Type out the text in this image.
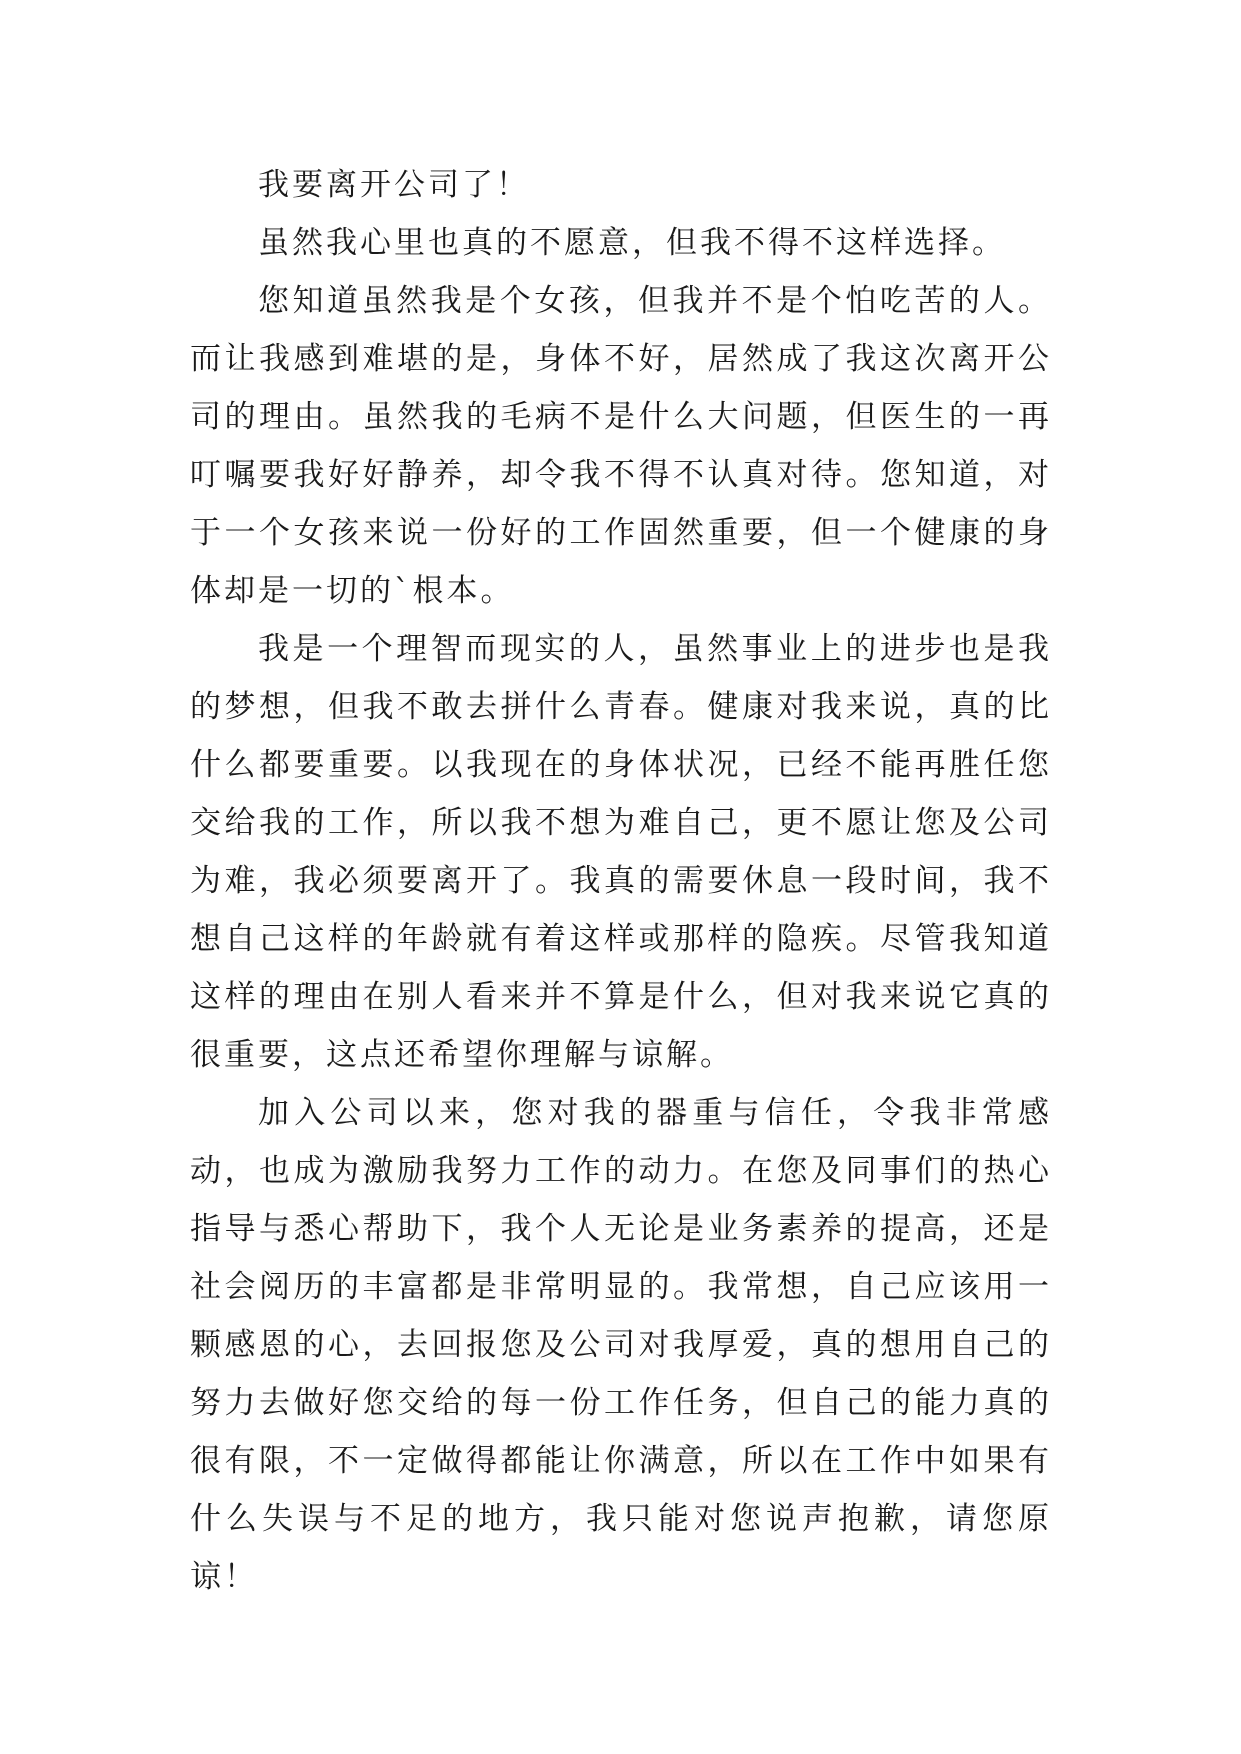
我要离开公司了！

虽然我心里也真的不愿意，但我不得不这样选择。

您知道虽然我是个女孩，但我并不是个怕吃苦的人。而让我感到难堪的是，身体不好，居然成了我这次离开公司的理由。虽然我的毛病不是什么大问题，但医生的一再叮嘱要我好好静养，却令我不得不认真对待。您知道，对于一个女孩来说一份好的工作固然重要，但一个健康的身体却是一切的`根本。

我是一个理智而现实的人，虽然事业上的进步也是我的梦想，但我不敢去拼什么青春。健康对我来说，真的比什么都要重要。以我现在的身体状况，已经不能再胜任您交给我的工作，所以我不想为难自己，更不愿让您及公司为难，我必须要离开了。我真的需要休息一段时间，我不想自己这样的年龄就有着这样或那样的隐疾。尽管我知道这样的理由在别人看来并不算是什么，但对我来说它真的很重要，这点还希望你理解与谅解。

加入公司以来，您对我的器重与信任，令我非常感动，也成为激励我努力工作的动力。在您及同事们的热心指导与悉心帮助下，我个人无论是业务素养的提高，还是社会阅历的丰富都是非常明显的。我常想，自己应该用一颗感恩的心，去回报您及公司对我厚爱，真的想用自己的努力去做好您交给的每一份工作任务，但自己的能力真的很有限，不一定做得都能让你满意，所以在工作中如果有什么失误与不足的地方，我只能对您说声抱歉，请您原谅！
